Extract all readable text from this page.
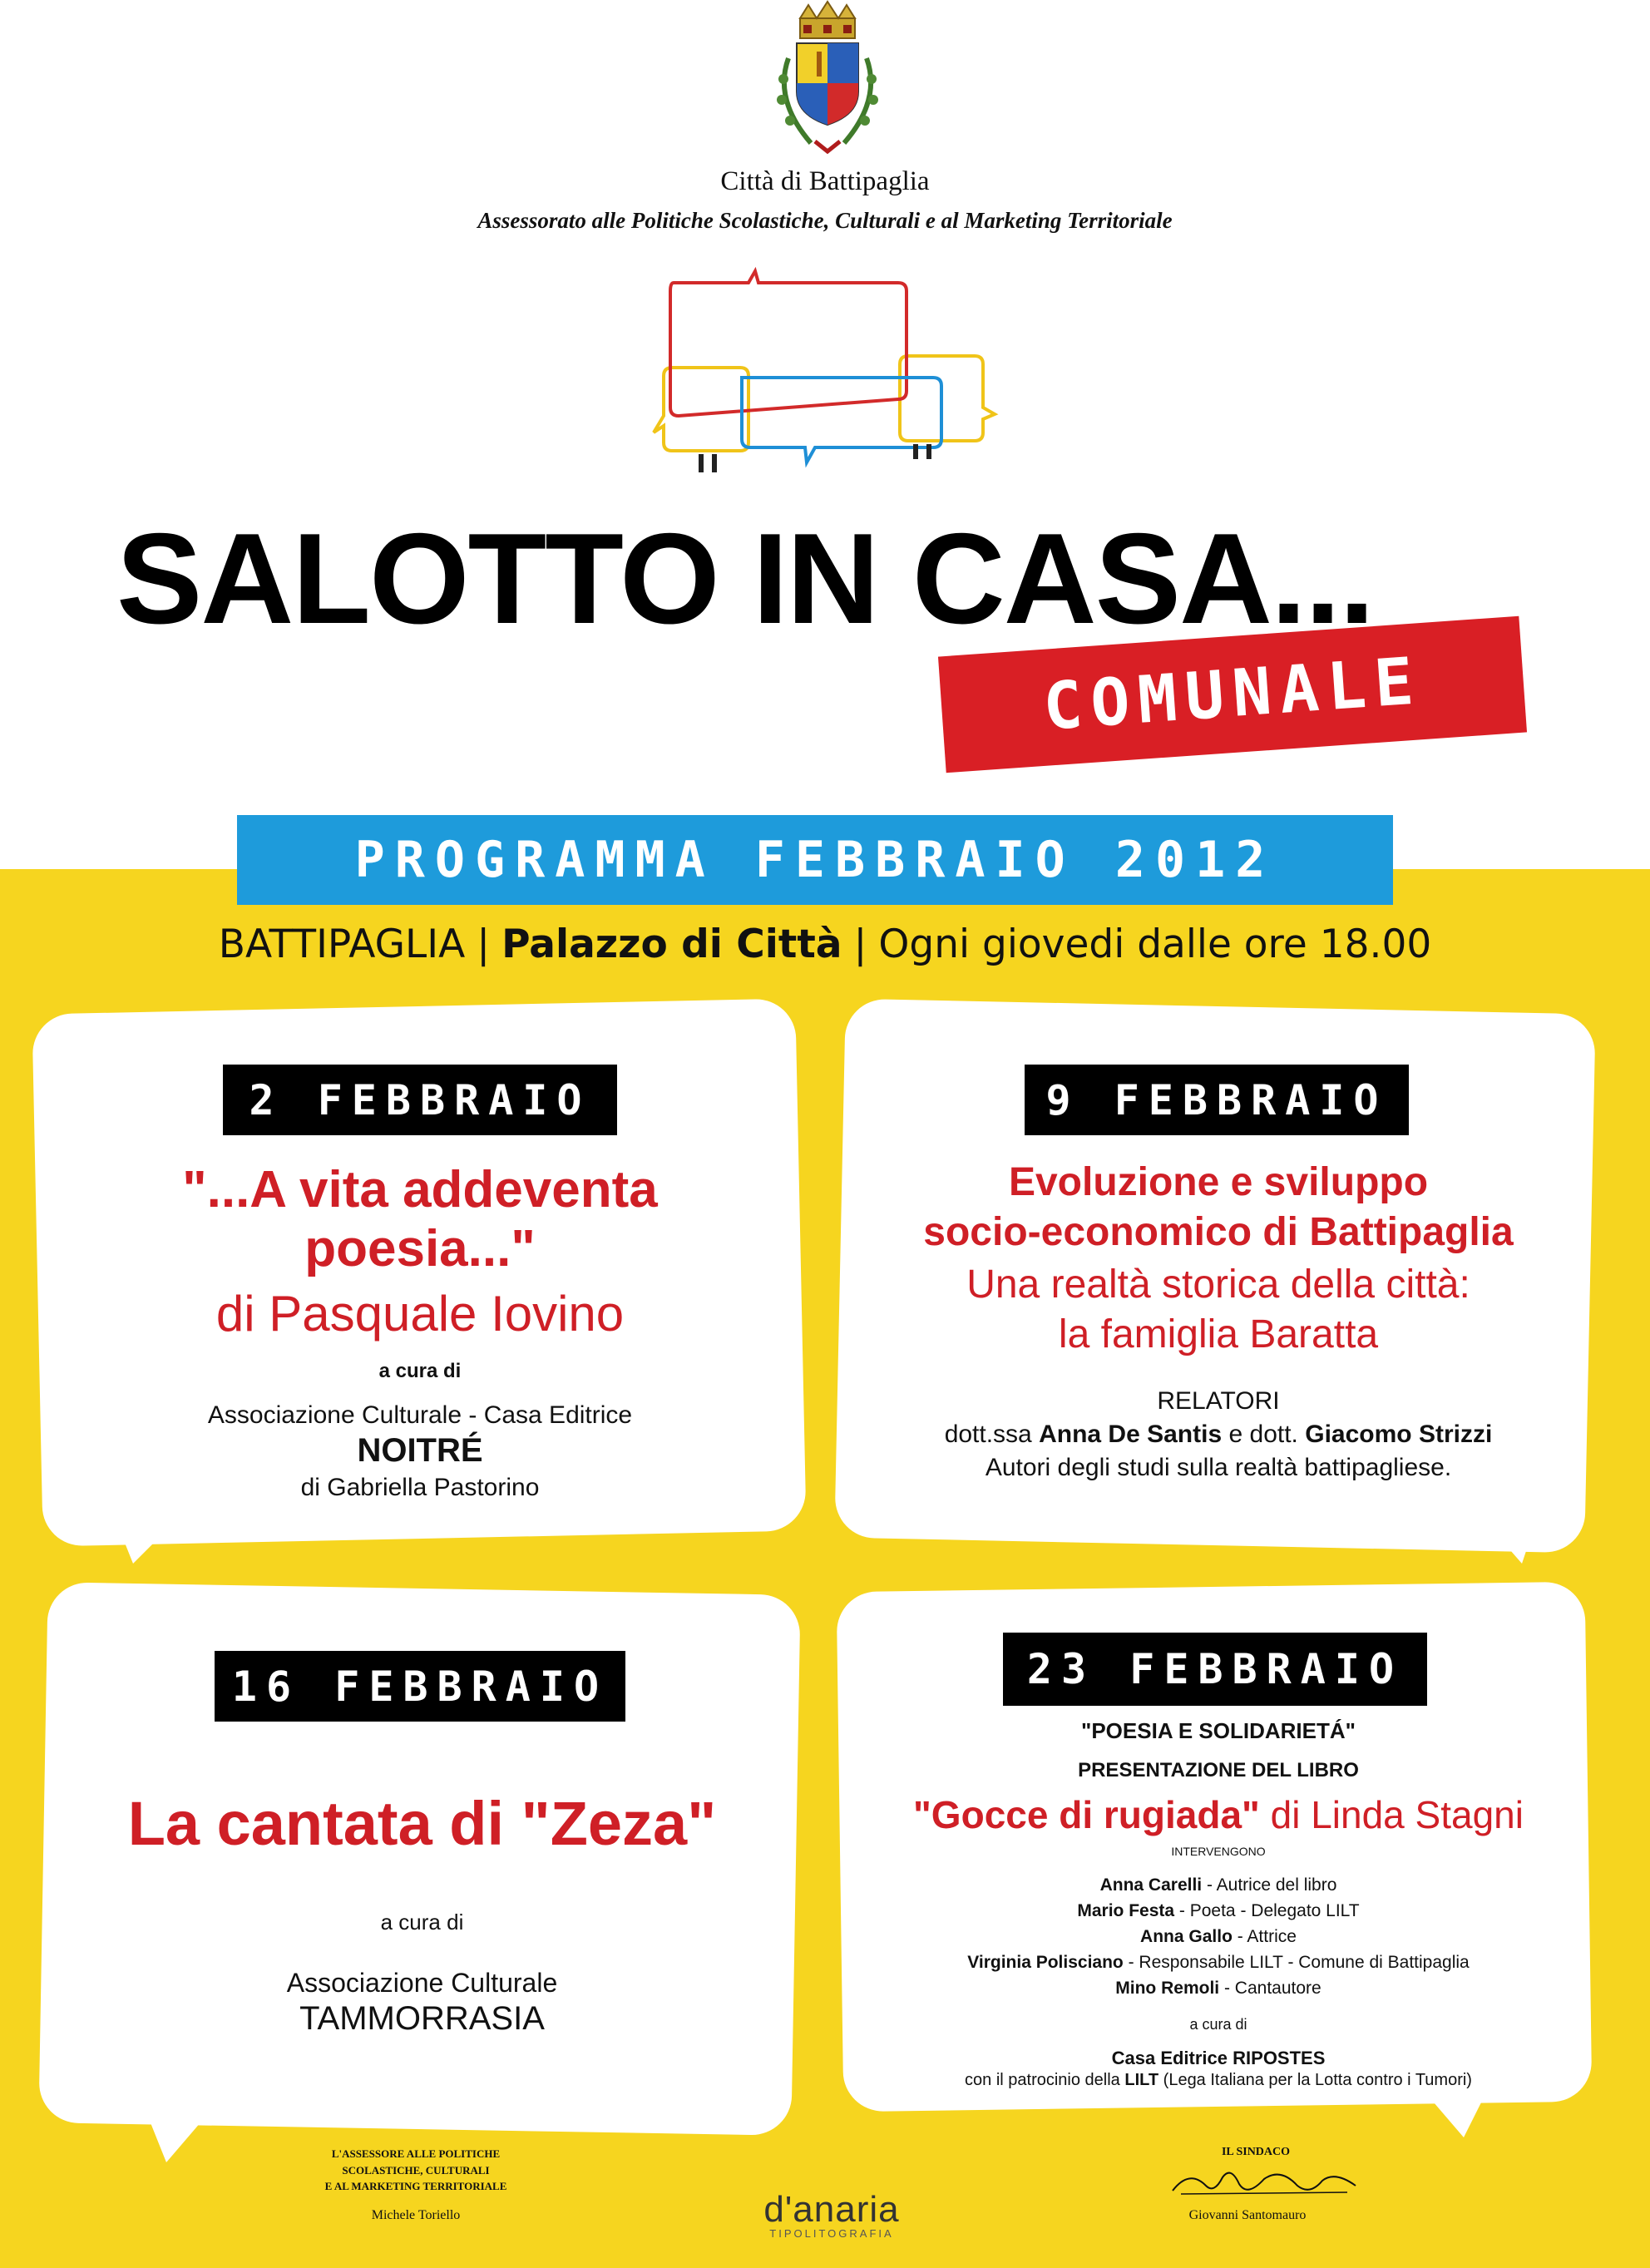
Città di Battipaglia
Assessorato alle Politiche Scolastiche, Culturali e al Marketing Territoriale
SALOTTO IN CASA...
COMUNALE
PROGRAMMA FEBBRAIO 2012
BATTIPAGLIA | Palazzo di Città | Ogni giovedi dalle ore 18.00
2 FEBBRAIO
"...A vita addeventa
poesia..."
di Pasquale Iovino
a cura di
Associazione Culturale - Casa Editrice
NOITRÉ
di Gabriella Pastorino
9 FEBBRAIO
Evoluzione e sviluppo
socio-economico di Battipaglia
Una realtà storica della città:
la famiglia Baratta
RELATORI
dott.ssa Anna De Santis e dott. Giacomo Strizzi
Autori degli studi sulla realtà battipagliese.
16 FEBBRAIO
La cantata di "Zeza"
a cura di
Associazione Culturale
TAMMORRASIA
23 FEBBRAIO
"POESIA E SOLIDARIETÁ"
PRESENTAZIONE DEL LIBRO
"Gocce di rugiada" di Linda Stagni
INTERVENGONO
Anna Carelli - Autrice del libro
Mario Festa - Poeta - Delegato LILT
Anna Gallo - Attrice
Virginia Polisciano - Responsabile LILT - Comune di Battipaglia
Mino Remoli - Cantautore
a cura di
Casa Editrice RIPOSTES
con il patrocinio della LILT (Lega Italiana per la Lotta contro i Tumori)
L'ASSESSORE ALLE POLITICHE
SCOLASTICHE, CULTURALI
E AL MARKETING TERRITORIALE
Michele Toriello	d'anaria
TIPOLITOGRAFIA
IL SINDACO
Giovanni Santomauro
